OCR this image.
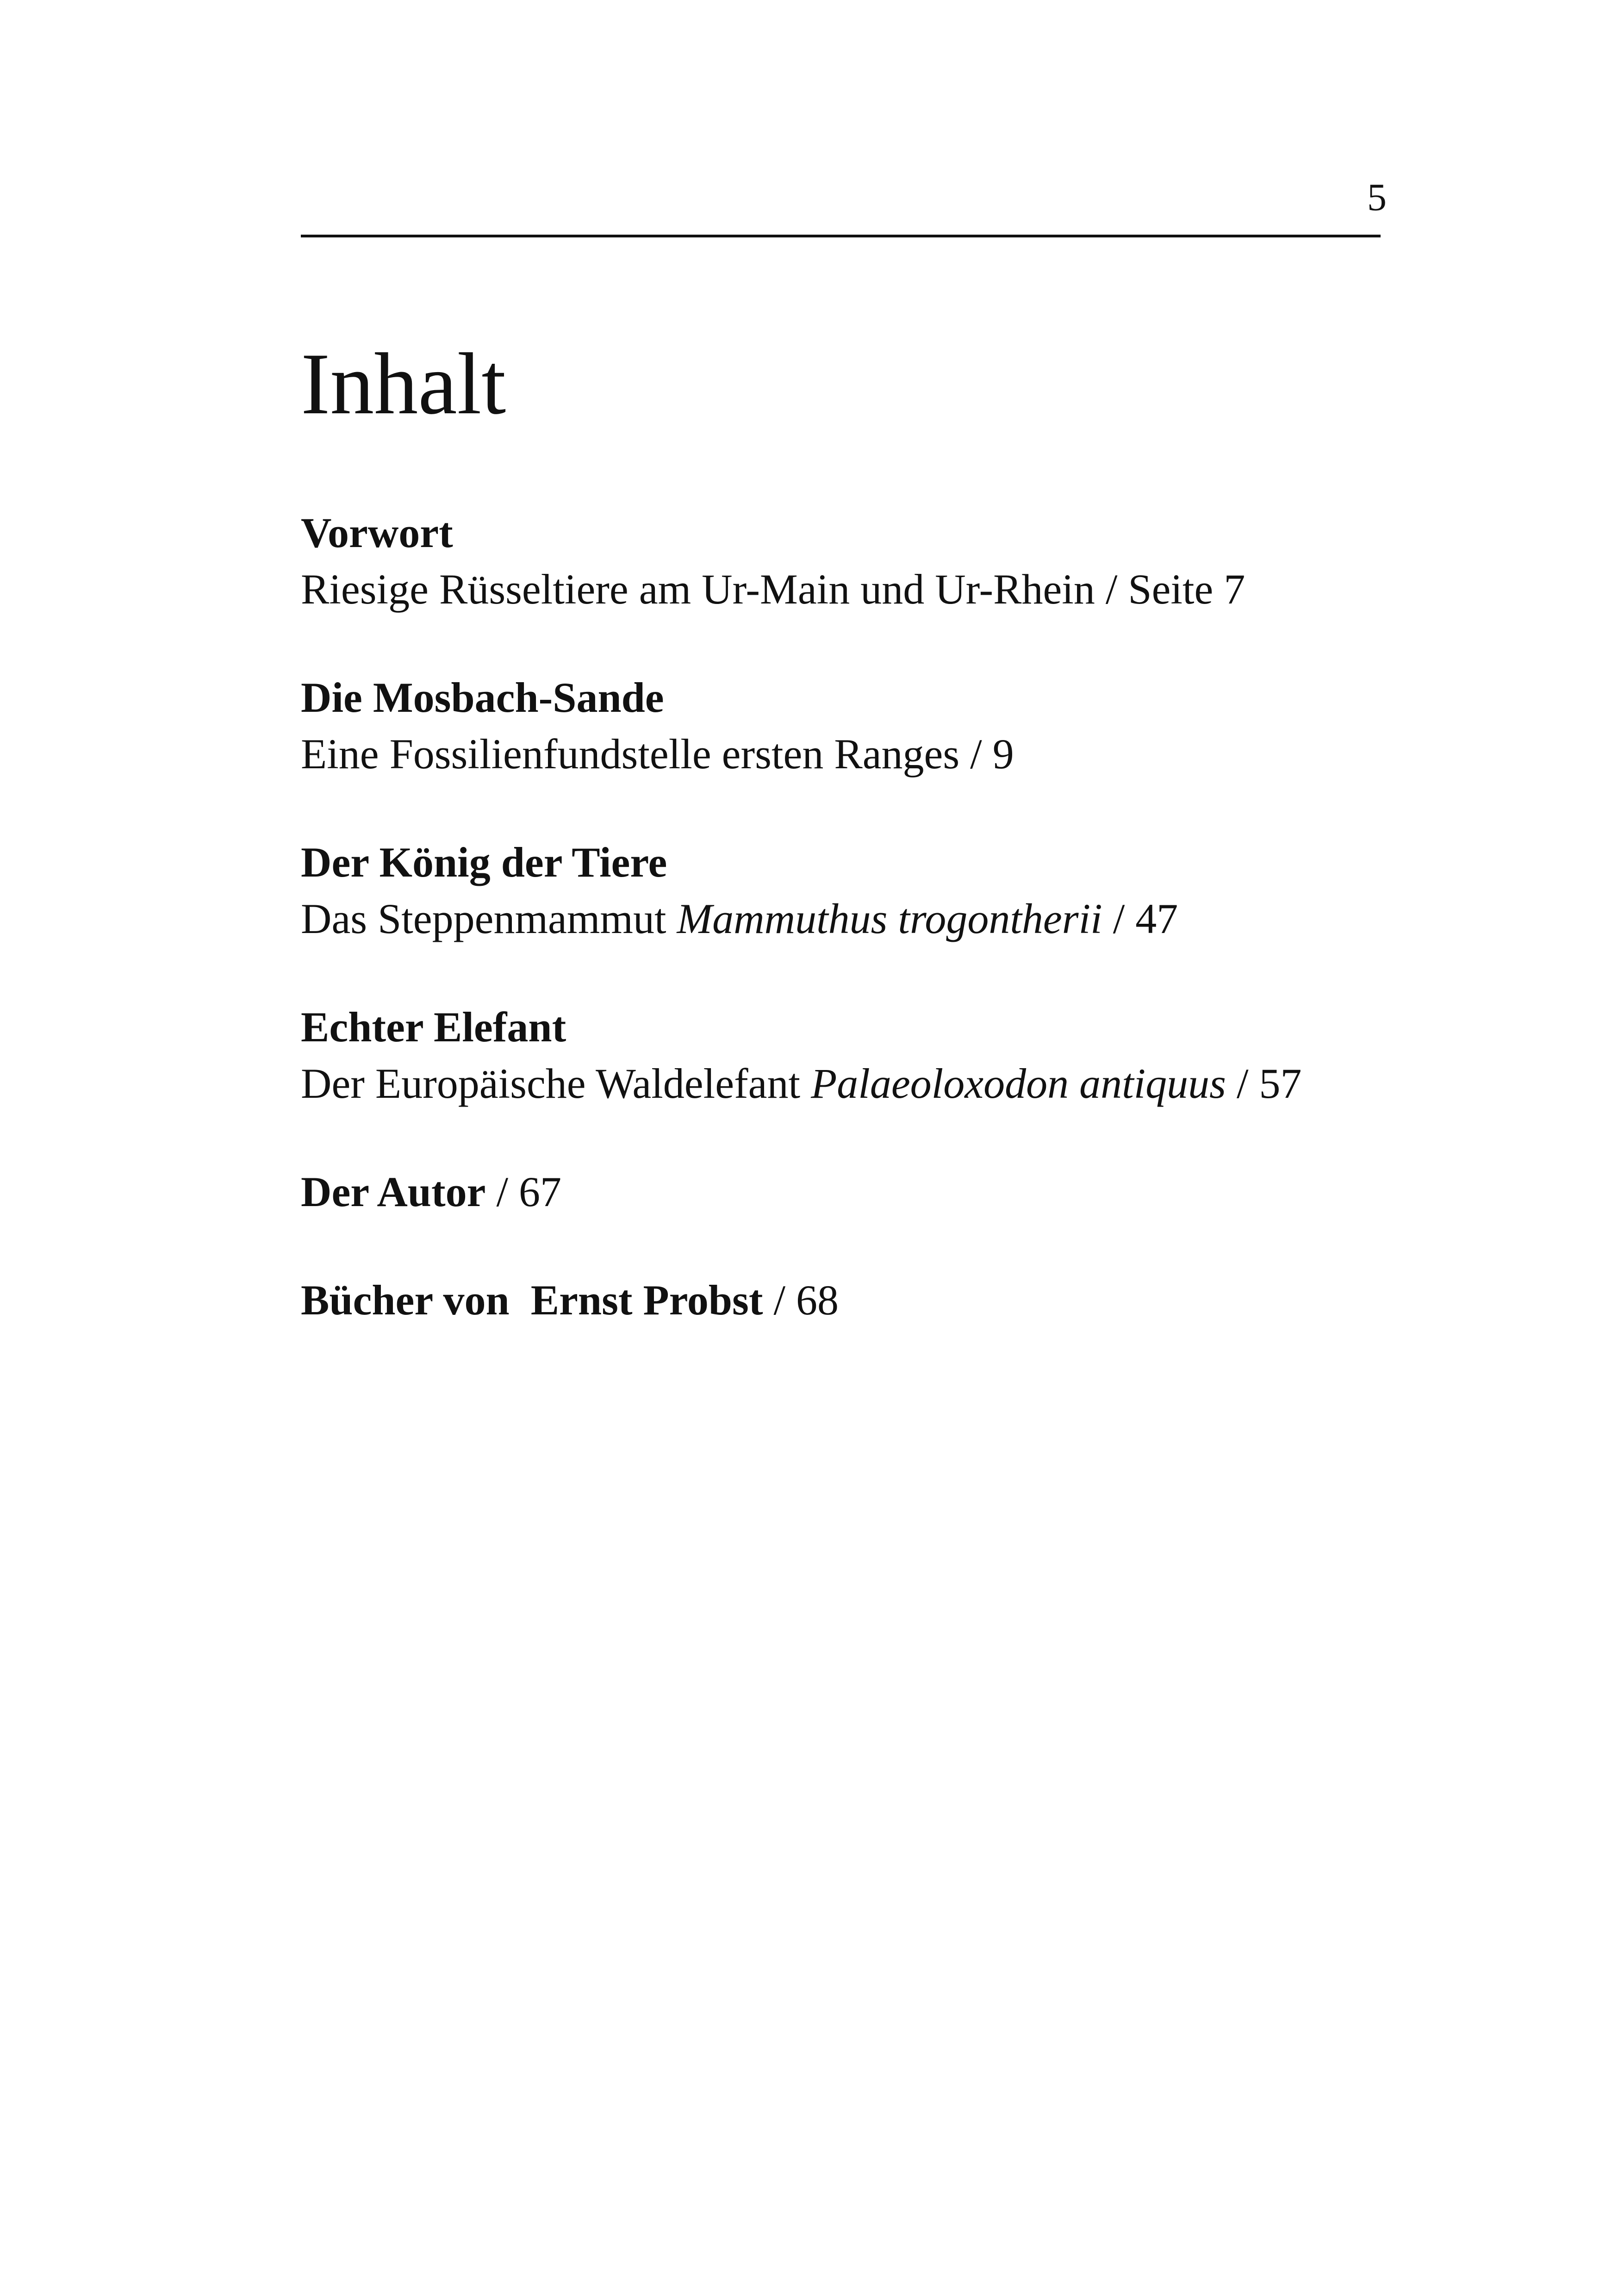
5
Inhalt
Vorwort
Riesige Rüsseltiere am Ur-Main und Ur-Rhein / Seite 7
Die Mosbach-Sande
Eine Fossilienfundstelle ersten Ranges / 9
Der König der Tiere
Das Steppenmammut Mammuthus trogontherii / 47
Echter Elefant
Der Europäische Waldelefant Palaeoloxodon antiquus / 57
Der Autor / 67
Bücher von  Ernst Probst / 68
